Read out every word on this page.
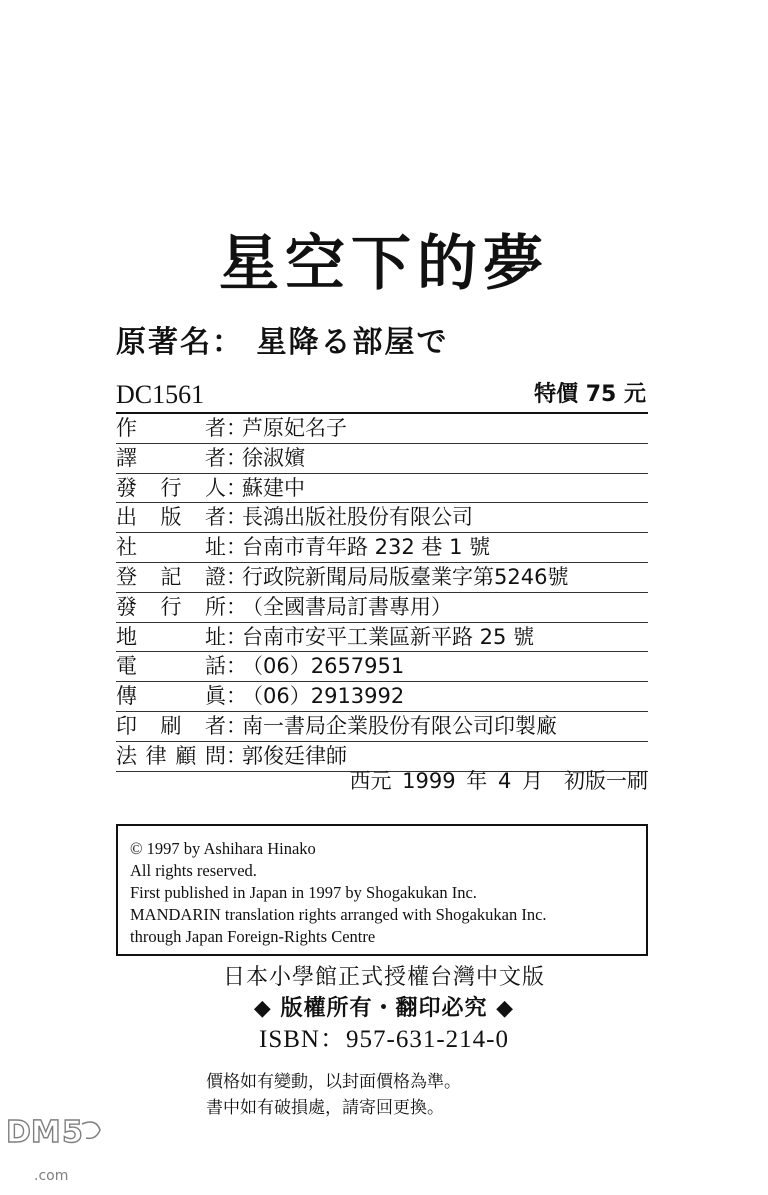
星空下的夢
原著名： 星降る部屋で
DC1561	特價 75 元
作	者 ：
芦原妃名子
譯	者 ：
徐淑嬪
發 行 人 ：
蘇建中
出 版 者 ：
長鴻出版社股份有限公司
社	址 ：
台南市青年路 232 巷 1 號
登 記 證 ：
行政院新聞局局版臺業字第5246號
發 行 所 ：
（全國書局訂書專用）
地	址 ：
台南市安平工業區新平路 25 號
電	話 ：
（06）2657951
傳	眞 ：
（06）2913992
印 刷 者 ：
南一書局企業股份有限公司印製廠
法 律 顧 問 ：
郭俊廷律師
西元 1999 年 4 月　初版一刷
© 1997 by Ashihara Hinako
All rights reserved.
First published in Japan in 1997 by Shogakukan Inc.
MANDARIN translation rights arranged with Shogakukan Inc.
through Japan Foreign-Rights Centre
日本小學館正式授權台灣中文版
◆ 版權所有・翻印必究 ◆
ISBN：957-631-214-0
價格如有變動，以封面價格為準。
書中如有破損處，請寄回更換。
DM 5
.com
